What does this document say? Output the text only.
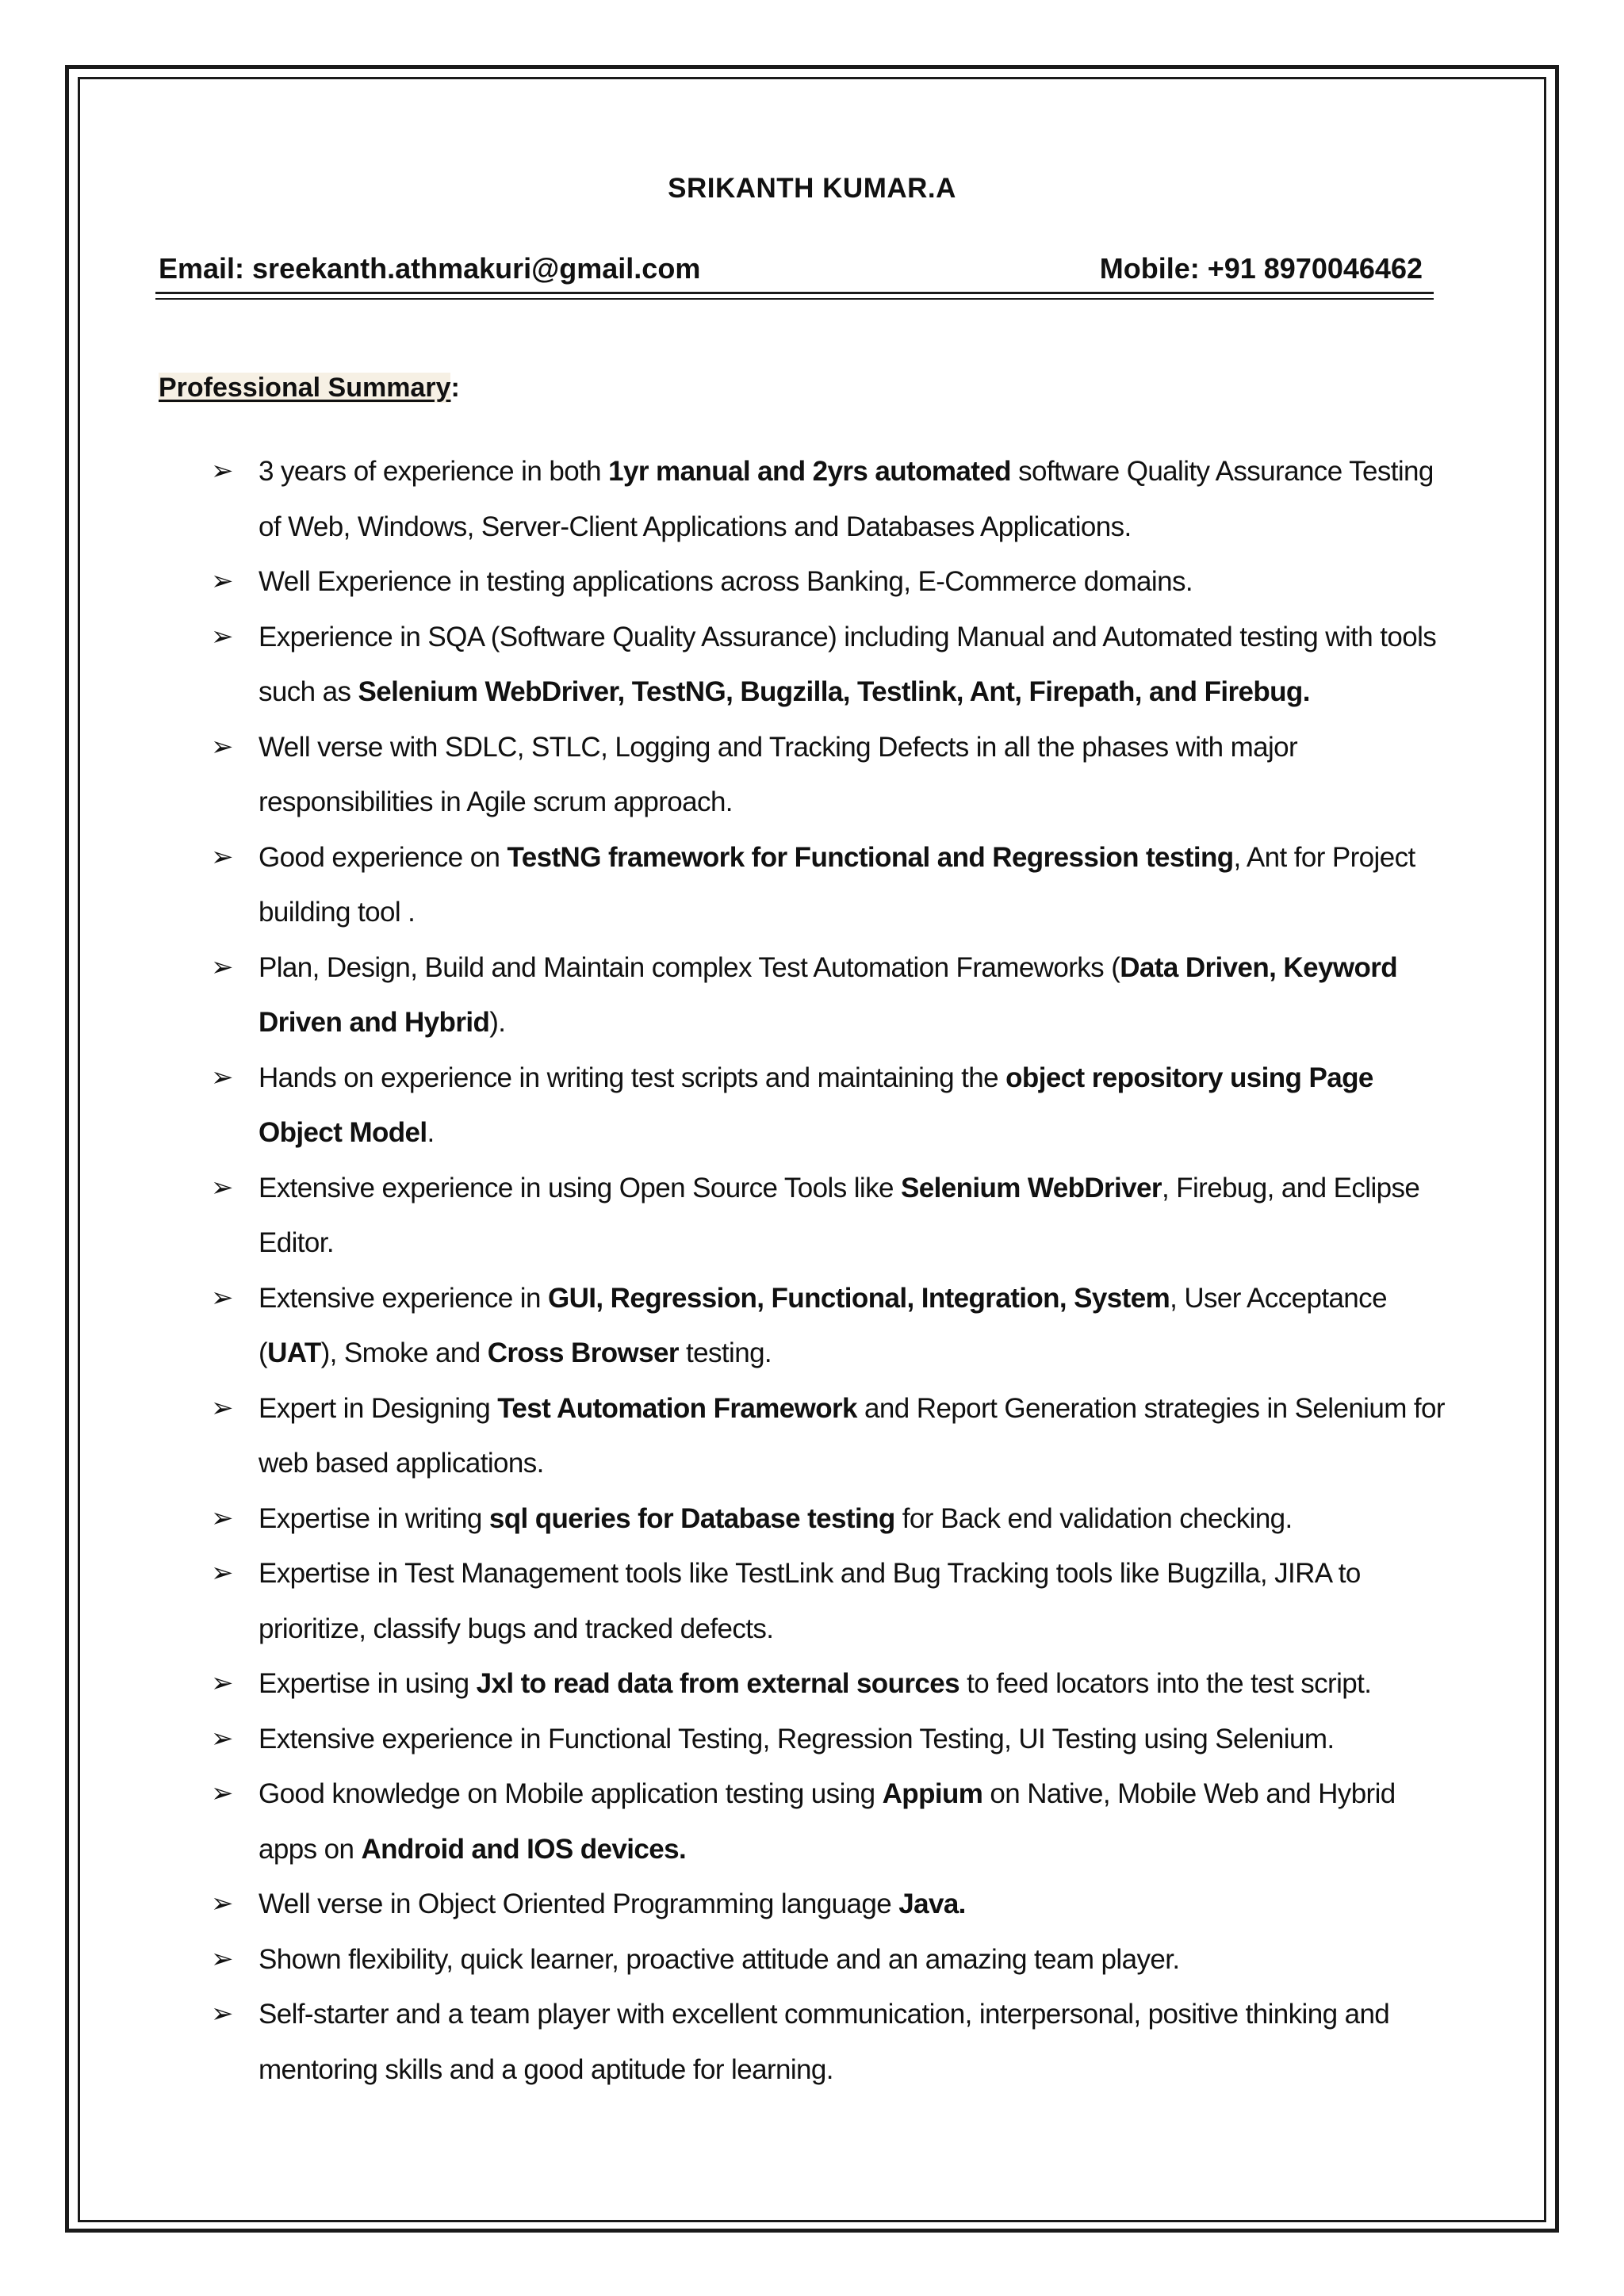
SRIKANTH KUMAR.A
Email: sreekanth.athmakuri@gmail.com	Mobile: +91 8970046462
Professional Summary:
➢ 3 years of experience in both 1yr manual and 2yrs automated software Quality Assurance Testing of Web, Windows, Server-Client Applications and Databases Applications.
➢ Well Experience in testing applications across Banking, E-Commerce domains.
➢ Experience in SQA (Software Quality Assurance) including Manual and Automated testing with tools such as Selenium WebDriver, TestNG, Bugzilla, Testlink, Ant, Firepath, and Firebug.
➢ Well verse with SDLC, STLC, Logging and Tracking Defects in all the phases with major responsibilities in Agile scrum approach.
➢ Good experience on TestNG framework for Functional and Regression testing, Ant for Project building tool .
➢ Plan, Design, Build and Maintain complex Test Automation Frameworks (Data Driven, Keyword Driven and Hybrid).
➢ Hands on experience in writing test scripts and maintaining the object repository using Page Object Model.
➢ Extensive experience in using Open Source Tools like Selenium WebDriver, Firebug, and Eclipse Editor.
➢ Extensive experience in GUI, Regression, Functional, Integration, System, User Acceptance (UAT), Smoke and Cross Browser testing.
➢ Expert in Designing Test Automation Framework and Report Generation strategies in Selenium for web based applications.
➢ Expertise in writing sql queries for Database testing for Back end validation checking.
➢ Expertise in Test Management tools like TestLink and Bug Tracking tools like Bugzilla, JIRA to prioritize, classify bugs and tracked defects.
➢ Expertise in using Jxl to read data from external sources to feed locators into the test script.
➢ Extensive experience in Functional Testing, Regression Testing, UI Testing using Selenium.
➢ Good knowledge on Mobile application testing using Appium on Native, Mobile Web and Hybrid apps on Android and IOS devices.
➢ Well verse in Object Oriented Programming language Java.
➢ Shown flexibility, quick learner, proactive attitude and an amazing team player.
➢ Self-starter and a team player with excellent communication, interpersonal, positive thinking and mentoring skills and a good aptitude for learning.
